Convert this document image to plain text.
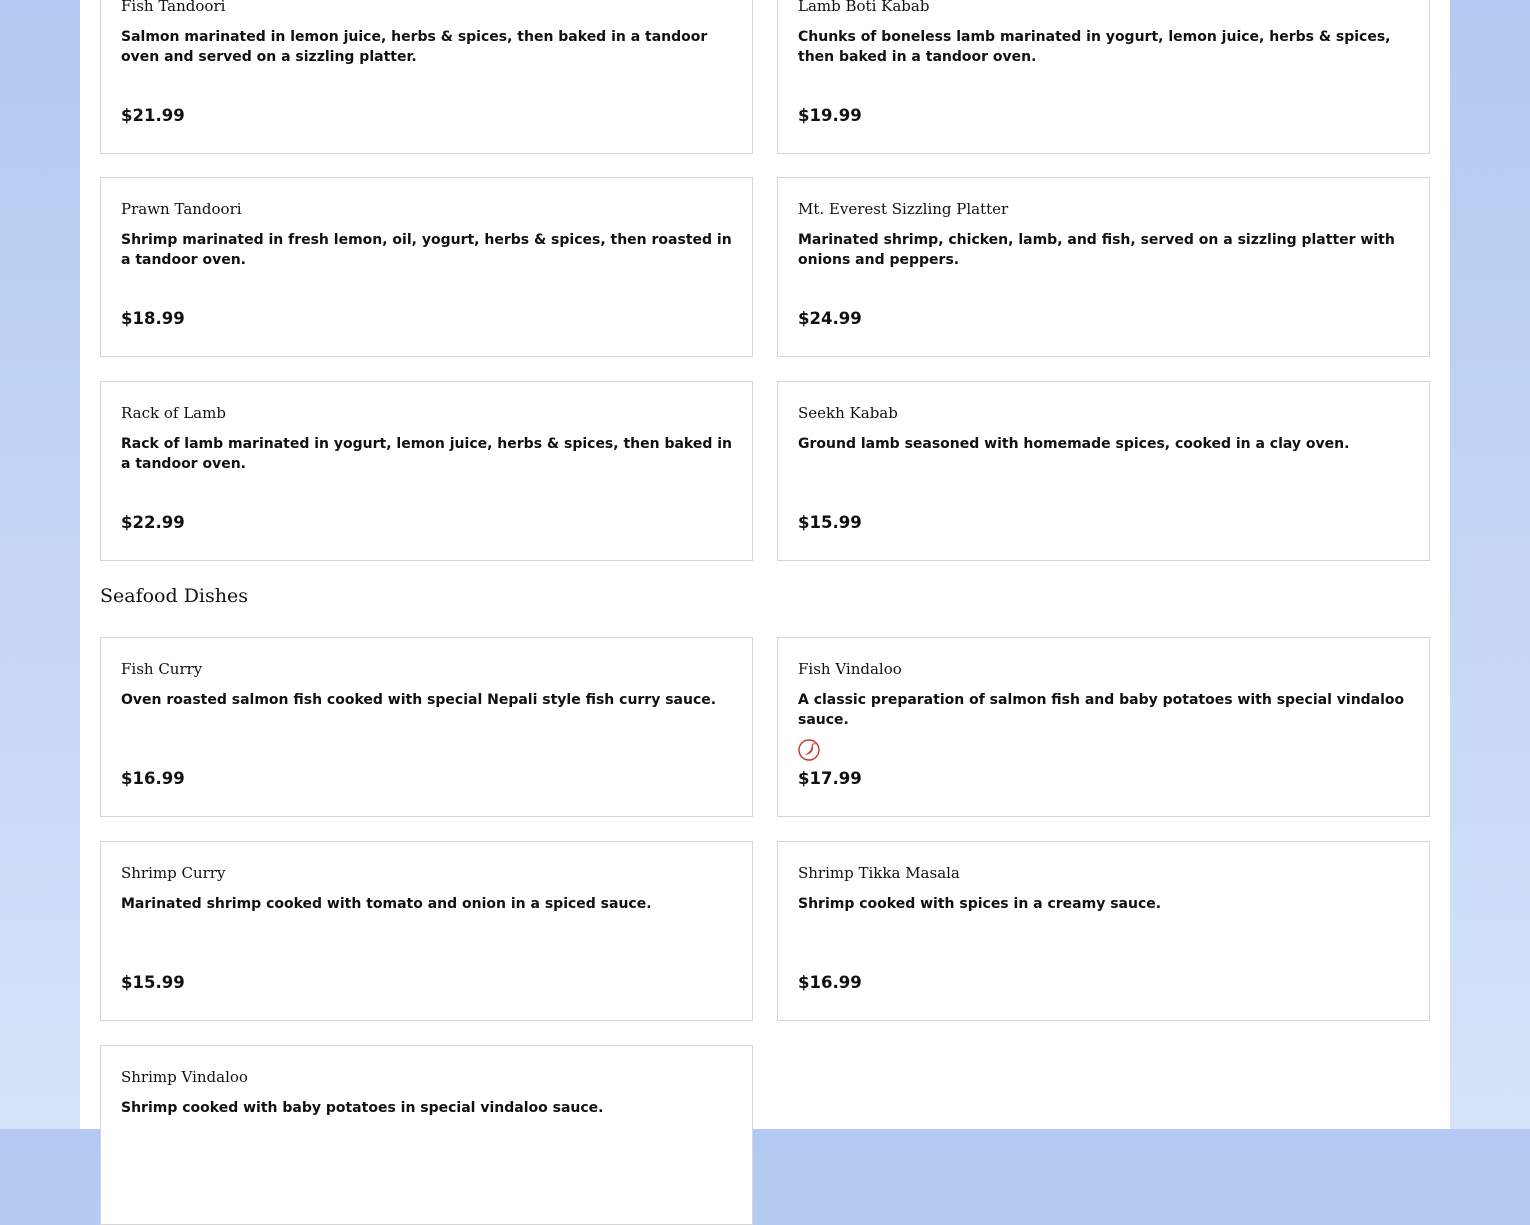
Fish Tandoori
Salmon marinated in lemon juice, herbs & spices, then baked in a tandoor oven and served on a sizzling platter.
$21.99
Lamb Boti Kabab
Chunks of boneless lamb marinated in yogurt, lemon juice, herbs & spices, then baked in a tandoor oven.
$19.99
Prawn Tandoori
Shrimp marinated in fresh lemon, oil, yogurt, herbs & spices, then roasted in a tandoor oven.
$18.99
Mt. Everest Sizzling Platter
Marinated shrimp, chicken, lamb, and fish, served on a sizzling platter with onions and peppers.
$24.99
Rack of Lamb
Rack of lamb marinated in yogurt, lemon juice, herbs & spices, then baked in a tandoor oven.
$22.99
Seekh Kabab
Ground lamb seasoned with homemade spices, cooked in a clay oven.
$15.99
Seafood Dishes
Fish Curry
Oven roasted salmon fish cooked with special Nepali style fish curry sauce.
$16.99
Fish Vindaloo
A classic preparation of salmon fish and baby potatoes with special vindaloo sauce.
$17.99
Shrimp Curry
Marinated shrimp cooked with tomato and onion in a spiced sauce.
$15.99
Shrimp Tikka Masala
Shrimp cooked with spices in a creamy sauce.
$16.99
Shrimp Vindaloo
Shrimp cooked with baby potatoes in special vindaloo sauce.
